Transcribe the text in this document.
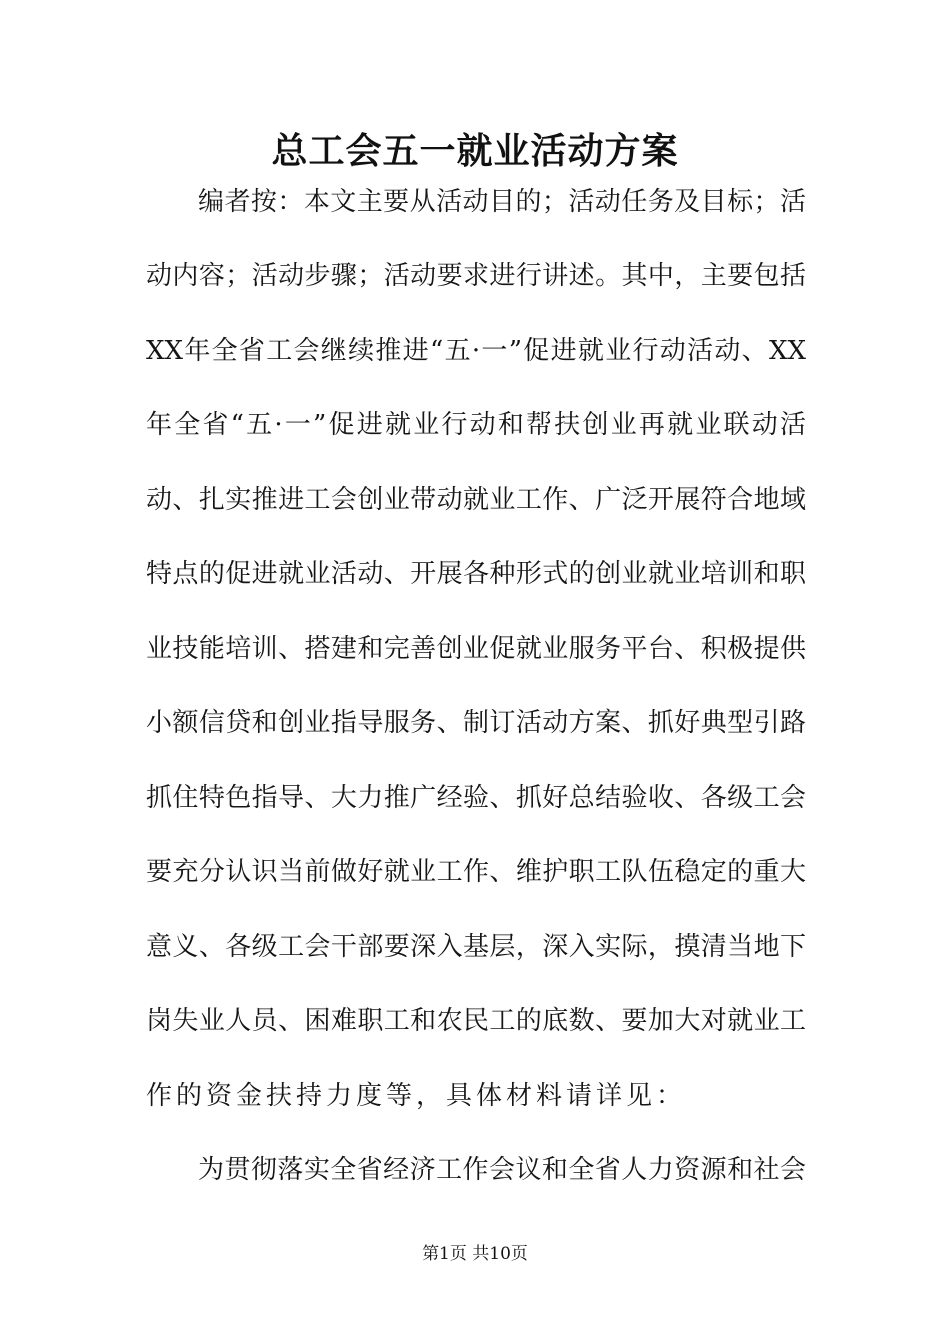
总工会五一就业活动方案
编者按：本文主要从活动目的；活动任务及目标；活
动内容；活动步骤；活动要求进行讲述。其中，主要包括
XX年全省工会继续推进“五·一”促进就业行动活动、XX
年全省“五·一”促进就业行动和帮扶创业再就业联动活
动、扎实推进工会创业带动就业工作、广泛开展符合地域
特点的促进就业活动、开展各种形式的创业就业培训和职
业技能培训、搭建和完善创业促就业服务平台、积极提供
小额信贷和创业指导服务、制订活动方案、抓好典型引路
抓住特色指导、大力推广经验、抓好总结验收、各级工会
要充分认识当前做好就业工作、维护职工队伍稳定的重大
意义、各级工会干部要深入基层，深入实际，摸清当地下
岗失业人员、困难职工和农民工的底数、要加大对就业工
作的资金扶持力度等，具体材料请详见：
为贯彻落实全省经济工作会议和全省人力资源和社会
第1页 共10页
